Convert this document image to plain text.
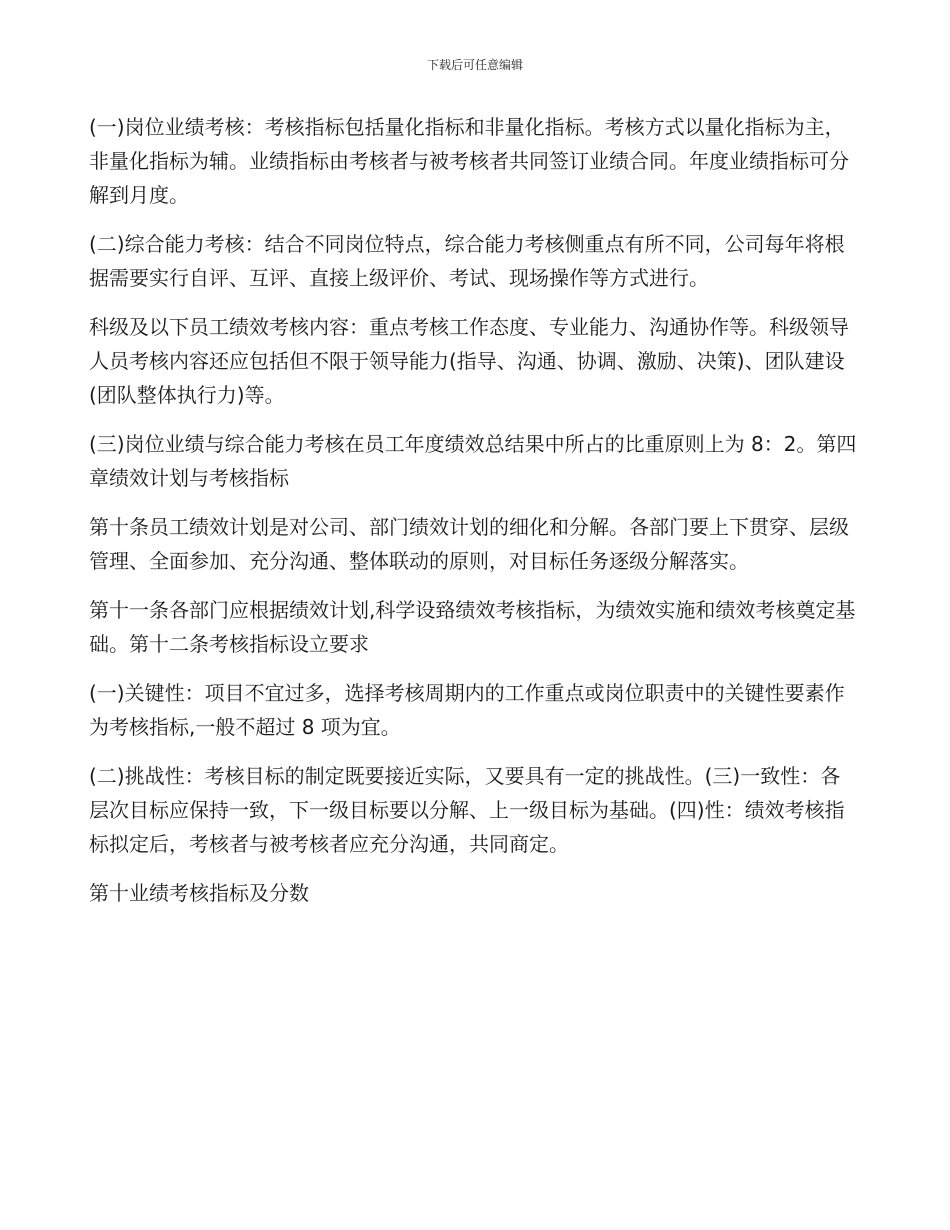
下载后可任意编辑

(一)岗位业绩考核：考核指标包括量化指标和非量化指标。考核方式以量化指标为主，非量化指标为辅。业绩指标由考核者与被考核者共同签订业绩合同。年度业绩指标可分解到月度。

(二)综合能力考核：结合不同岗位特点，综合能力考核侧重点有所不同，公司每年将根据需要实行自评、互评、直接上级评价、考试、现场操作等方式进行。

科级及以下员工绩效考核内容：重点考核工作态度、专业能力、沟通协作等。科级领导人员考核内容还应包括但不限于领导能力(指导、沟通、协调、激励、决策)、团队建设(团队整体执行力)等。

(三)岗位业绩与综合能力考核在员工年度绩效总结果中所占的比重原则上为 8：2。第四章绩效计划与考核指标

第十条员工绩效计划是对公司、部门绩效计划的细化和分解。各部门要上下贯穿、层级管理、全面参加、充分沟通、整体联动的原则，对目标任务逐级分解落实。

第十一条各部门应根据绩效计划,科学设臵绩效考核指标，为绩效实施和绩效考核奠定基础。第十二条考核指标设立要求

(一)关键性：项目不宜过多，选择考核周期内的工作重点或岗位职责中的关键性要素作为考核指标,一般不超过 8 项为宜。

(二)挑战性：考核目标的制定既要接近实际，又要具有一定的挑战性。(三)一致性：各层次目标应保持一致，下一级目标要以分解、上一级目标为基础。(四)性：绩效考核指标拟定后，考核者与被考核者应充分沟通，共同商定。

第十业绩考核指标及分数
